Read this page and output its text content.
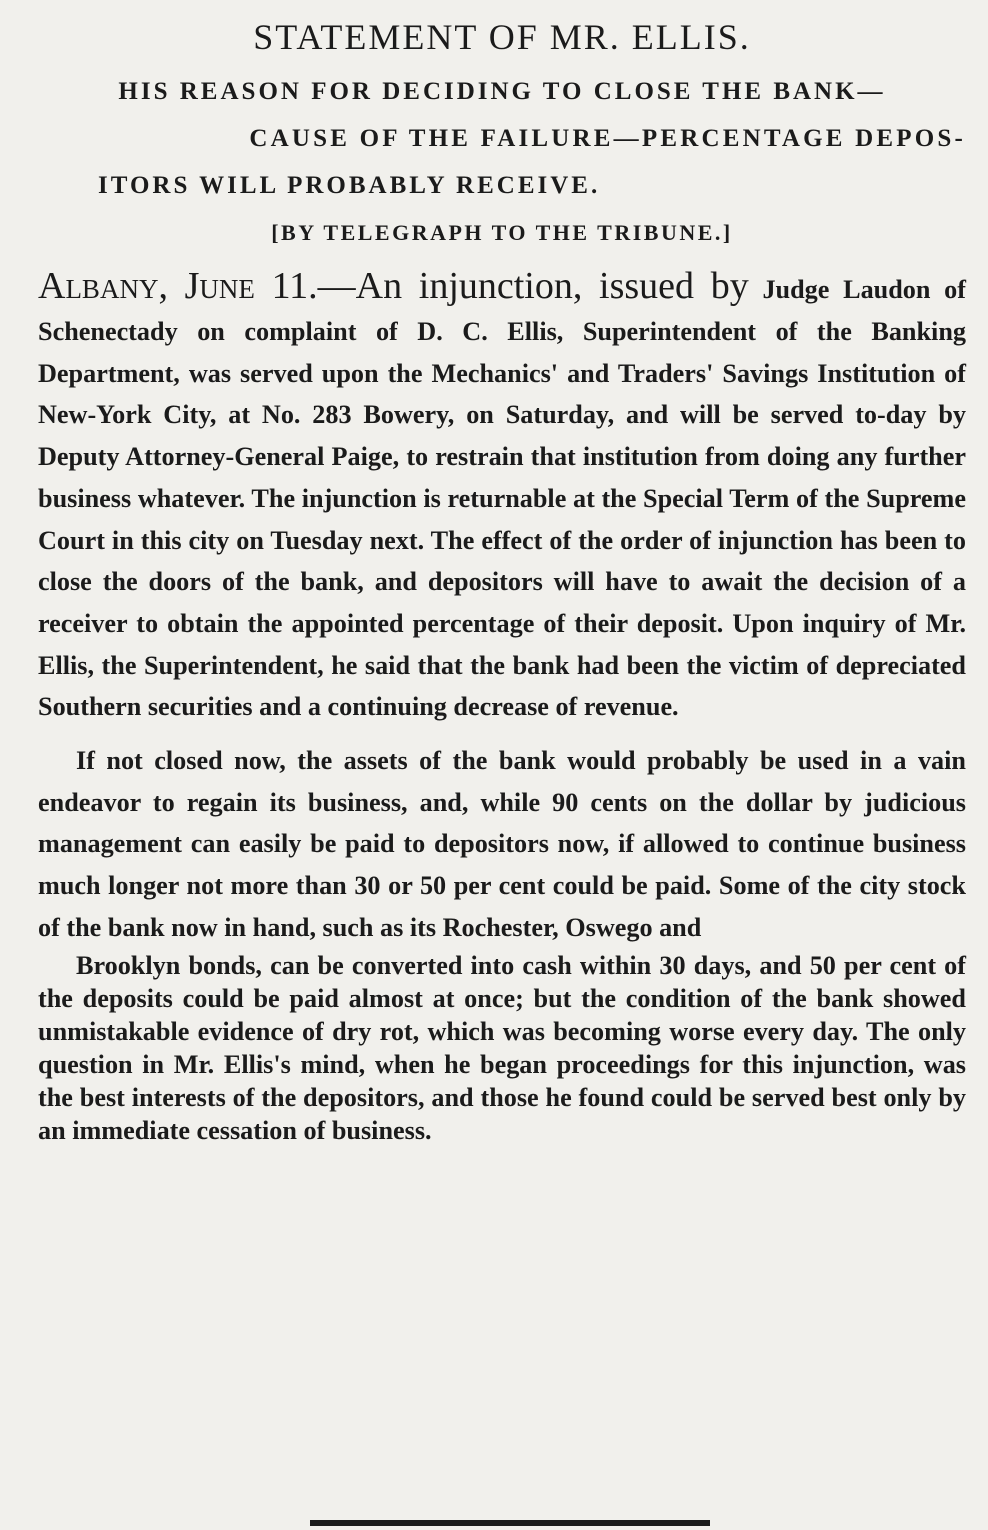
STATEMENT OF MR. ELLIS.
HIS REASON FOR DECIDING TO CLOSE THE BANK—
CAUSE OF THE FAILURE—PERCENTAGE DEPOS-
ITORS WILL PROBABLY RECEIVE.
[BY TELEGRAPH TO THE TRIBUNE.]

Albany, June 11.—An injunction, issued by Judge Laudon of Schenectady on complaint of D. C. Ellis, Superintendent of the Banking Department, was served upon the Mechanics' and Traders' Savings Institution of New-York City, at No. 283 Bowery, on Saturday, and will be served to-day by Deputy Attorney-General Paige, to restrain that institution from doing any further business whatever. The injunction is returnable at the Special Term of the Supreme Court in this city on Tuesday next. The effect of the order of injunction has been to close the doors of the bank, and depositors will have to await the decision of a receiver to obtain the appointed percentage of their deposit. Upon inquiry of Mr. Ellis, the Superintendent, he said that the bank had been the victim of depreciated Southern securities and a continuing decrease of revenue.

If not closed now, the assets of the bank would probably be used in a vain endeavor to regain its business, and, while 90 cents on the dollar by judicious management can easily be paid to depositors now, if allowed to continue business much longer not more than 30 or 50 per cent could be paid. Some of the city stock of the bank now in hand, such as its Rochester, Oswego and
Brooklyn bonds, can be converted into cash within 30 days, and 50 per cent of the deposits could be paid almost at once; but the condition of the bank showed unmistakable evidence of dry rot, which was becoming worse every day. The only question in Mr. Ellis's mind, when he began proceedings for this injunction, was the best interests of the depositors, and those he found could be served best only by an immediate cessation of business.
